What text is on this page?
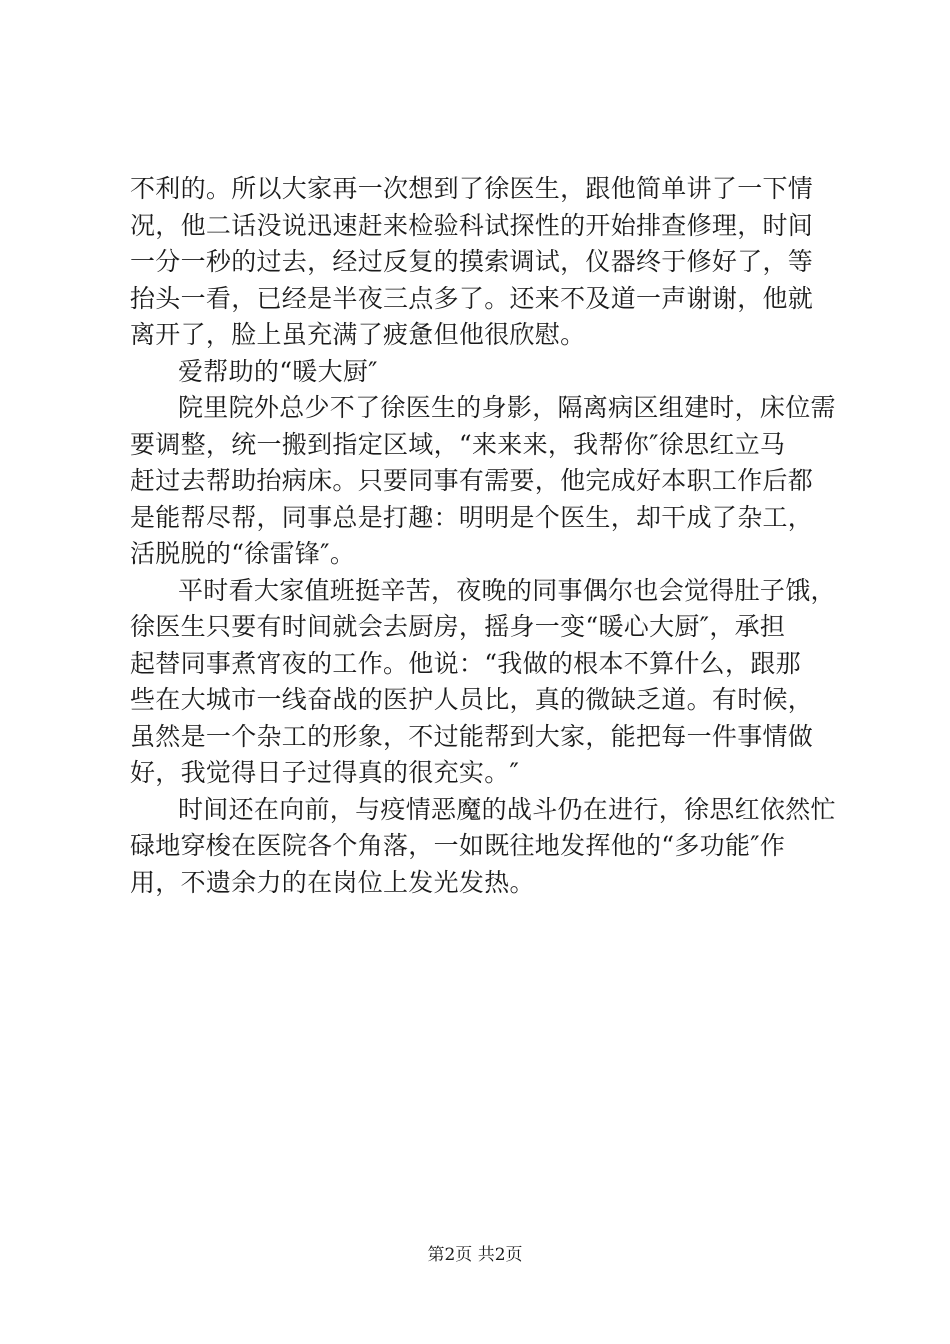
不利的。所以大家再一次想到了徐医生，跟他简单讲了一下情
况，他二话没说迅速赶来检验科试探性的开始排查修理，时间
一分一秒的过去，经过反复的摸索调试，仪器终于修好了，等
抬头一看，已经是半夜三点多了。还来不及道一声谢谢，他就
离开了，脸上虽充满了疲惫但他很欣慰。
爱帮助的“暖大厨″
院里院外总少不了徐医生的身影，隔离病区组建时，床位需
要调整，统一搬到指定区域，“来来来，我帮你″徐思红立马
赶过去帮助抬病床。只要同事有需要，他完成好本职工作后都
是能帮尽帮，同事总是打趣：明明是个医生，却干成了杂工，
活脱脱的“徐雷锋″。
平时看大家值班挺辛苦，夜晚的同事偶尔也会觉得肚子饿，
徐医生只要有时间就会去厨房，摇身一变“暖心大厨″，承担
起替同事煮宵夜的工作。他说：“我做的根本不算什么，跟那
些在大城市一线奋战的医护人员比，真的微缺乏道。有时候，
虽然是一个杂工的形象，不过能帮到大家，能把每一件事情做
好，我觉得日子过得真的很充实。″
时间还在向前，与疫情恶魔的战斗仍在进行，徐思红依然忙
碌地穿梭在医院各个角落，一如既往地发挥他的“多功能″作
用，不遗余力的在岗位上发光发热。
第2页 共2页
